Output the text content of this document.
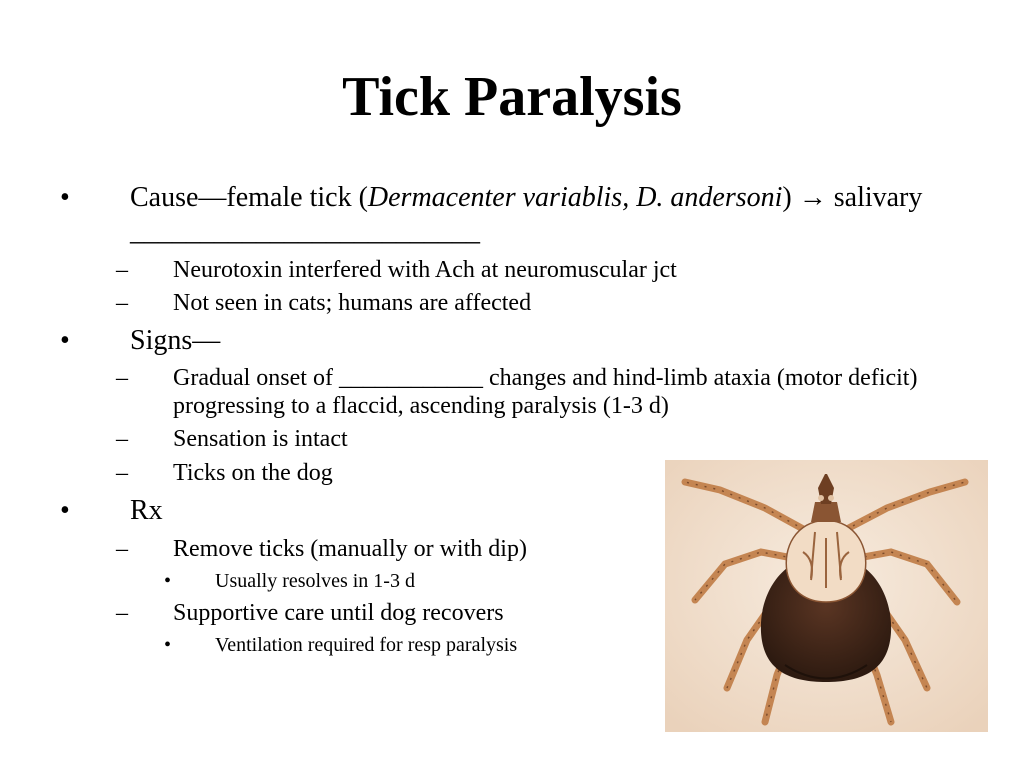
Tick Paralysis
• Cause—female tick (Dermacenter variablis, D. andersoni) → salivary _________________________
– Neurotoxin interfered with Ach at neuromuscular jct
– Not seen in cats; humans are affected
• Signs—
– Gradual onset of ____________ changes and hind-limb ataxia (motor deficit) progressing to a flaccid, ascending paralysis (1-3 d)
– Sensation is intact
– Ticks on the dog
• Rx
– Remove ticks (manually or with dip)
• Usually resolves in 1-3 d
– Supportive care until dog recovers
• Ventilation required for resp paralysis
